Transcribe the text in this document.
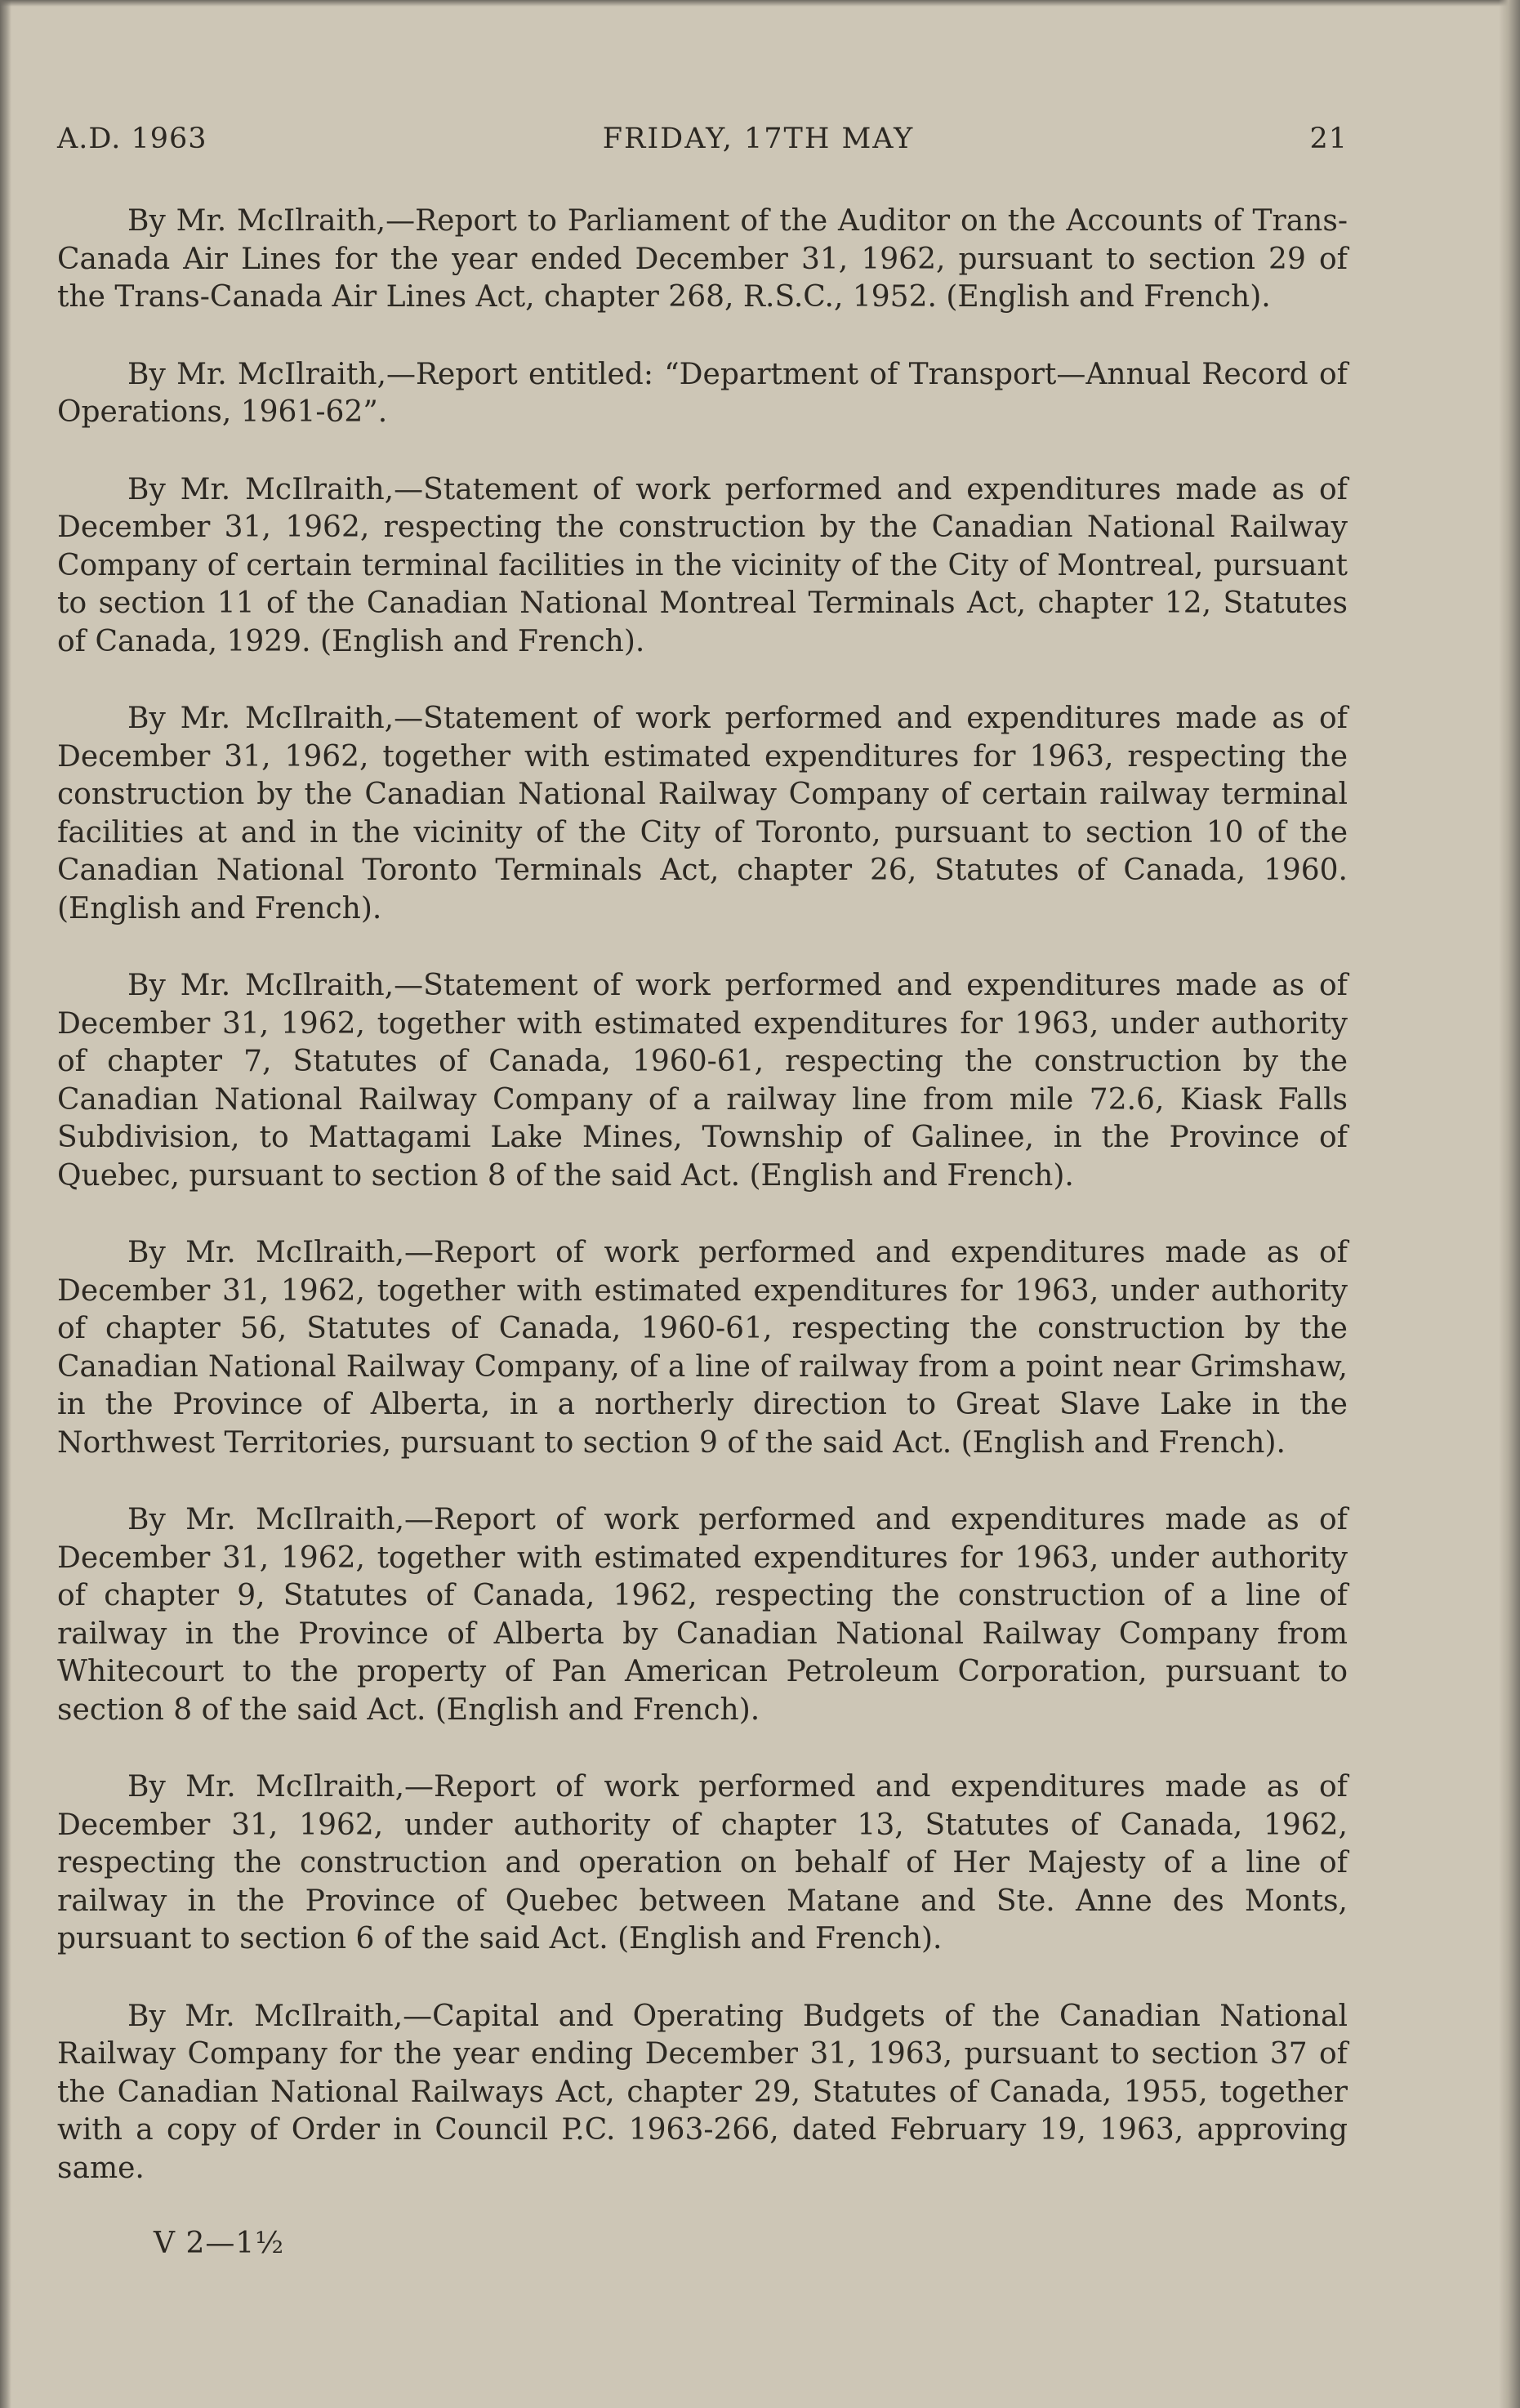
A.D. 1963	FRIDAY, 17TH MAY	21

By Mr. McIlraith,—Report to Parliament of the Auditor on the Accounts of Trans-Canada Air Lines for the year ended December 31, 1962, pursuant to section 29 of the Trans-Canada Air Lines Act, chapter 268, R.S.C., 1952. (English and French).

By Mr. McIlraith,—Report entitled: “Department of Transport—Annual Record of Operations, 1961-62”.

By Mr. McIlraith,—Statement of work performed and expenditures made as of December 31, 1962, respecting the construction by the Canadian National Railway Company of certain terminal facilities in the vicinity of the City of Montreal, pursuant to section 11 of the Canadian National Montreal Terminals Act, chapter 12, Statutes of Canada, 1929. (English and French).

By Mr. McIlraith,—Statement of work performed and expenditures made as of December 31, 1962, together with estimated expenditures for 1963, respecting the construction by the Canadian National Railway Company of certain railway terminal facilities at and in the vicinity of the City of Toronto, pursuant to section 10 of the Canadian National Toronto Terminals Act, chapter 26, Statutes of Canada, 1960. (English and French).

By Mr. McIlraith,—Statement of work performed and expenditures made as of December 31, 1962, together with estimated expenditures for 1963, under authority of chapter 7, Statutes of Canada, 1960-61, respecting the construction by the Canadian National Railway Company of a railway line from mile 72.6, Kiask Falls Subdivision, to Mattagami Lake Mines, Township of Galinee, in the Province of Quebec, pursuant to section 8 of the said Act. (English and French).

By Mr. McIlraith,—Report of work performed and expenditures made as of December 31, 1962, together with estimated expenditures for 1963, under authority of chapter 56, Statutes of Canada, 1960-61, respecting the construction by the Canadian National Railway Company, of a line of railway from a point near Grimshaw, in the Province of Alberta, in a northerly direction to Great Slave Lake in the Northwest Territories, pursuant to section 9 of the said Act. (English and French).

By Mr. McIlraith,—Report of work performed and expenditures made as of December 31, 1962, together with estimated expenditures for 1963, under authority of chapter 9, Statutes of Canada, 1962, respecting the construction of a line of railway in the Province of Alberta by Canadian National Railway Company from Whitecourt to the property of Pan American Petroleum Corporation, pursuant to section 8 of the said Act. (English and French).

By Mr. McIlraith,—Report of work performed and expenditures made as of December 31, 1962, under authority of chapter 13, Statutes of Canada, 1962, respecting the construction and operation on behalf of Her Majesty of a line of railway in the Province of Quebec between Matane and Ste. Anne des Monts, pursuant to section 6 of the said Act. (English and French).

By Mr. McIlraith,—Capital and Operating Budgets of the Canadian National Railway Company for the year ending December 31, 1963, pursuant to section 37 of the Canadian National Railways Act, chapter 29, Statutes of Canada, 1955, together with a copy of Order in Council P.C. 1963-266, dated February 19, 1963, approving same.

V 2—1½
